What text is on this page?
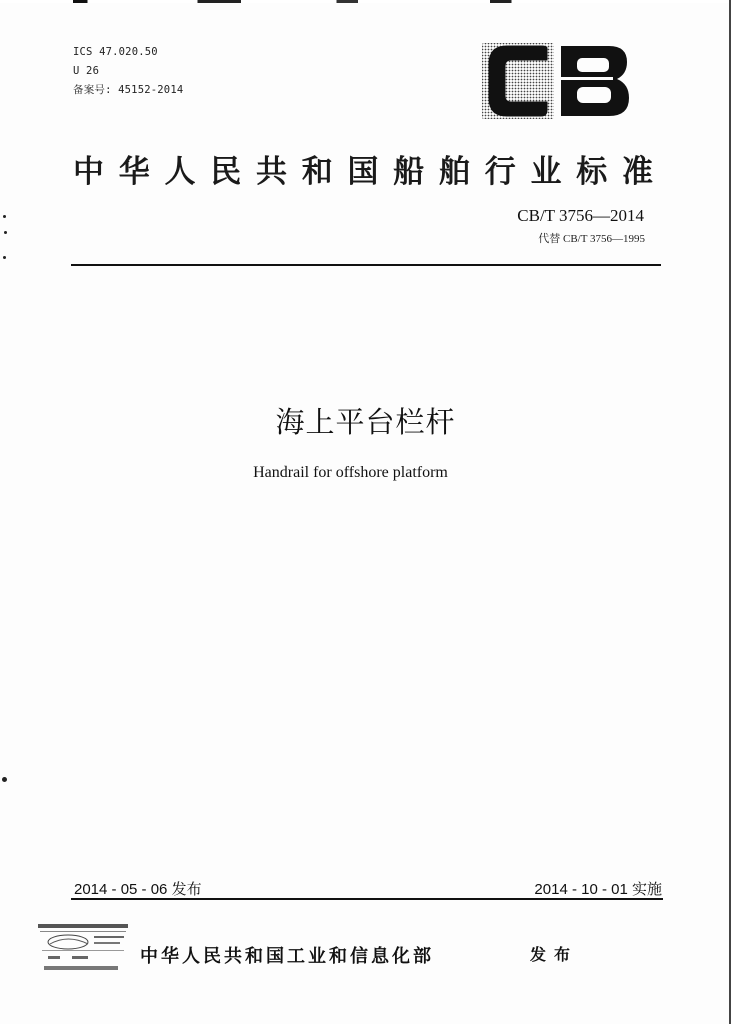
ICS 47.020.50
U 26
备案号: 45152-2014
中 华 人 民 共 和 国 船 舶 行 业 标 准
CB/T 3756—2014
代替 CB/T 3756—1995
海上平台栏杆
Handrail for offshore platform
2014 - 05 - 06 发布	2014 - 10 - 01 实施
中华人民共和国工业和信息化部	发布
